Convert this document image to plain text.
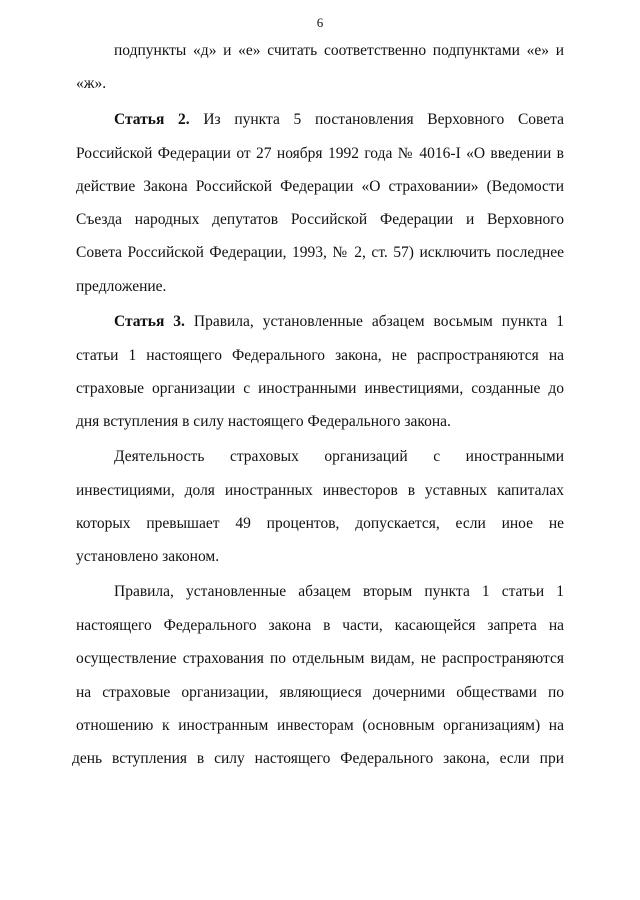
6
подпункты «д» и «е» считать соответственно подпунктами «е» и
«ж».
Статья 2. Из пункта 5 постановления Верховного Совета
Российской Федерации от 27 ноября 1992 года № 4016-I «О введении в
действие Закона Российской Федерации «О страховании» (Ведомости
Съезда народных депутатов Российской Федерации и Верховного
Совета Российской Федерации, 1993, № 2, ст. 57) исключить последнее
предложение.
Статья 3. Правила, установленные абзацем восьмым пункта 1
статьи 1 настоящего Федерального закона, не распространяются на
страховые организации с иностранными инвестициями, созданные до
дня вступления в силу настоящего Федерального закона.
Деятельность страховых организаций с иностранными
инвестициями, доля иностранных инвесторов в уставных капиталах
которых превышает 49 процентов, допускается, если иное не
установлено законом.
Правила, установленные абзацем вторым пункта 1 статьи 1
настоящего Федерального закона в части, касающейся запрета на
осуществление страхования по отдельным видам, не распространяются
на страховые организации, являющиеся дочерними обществами по
отношению к иностранным инвесторам (основным организациям) на
день вступления в силу настоящего Федерального закона, если при
